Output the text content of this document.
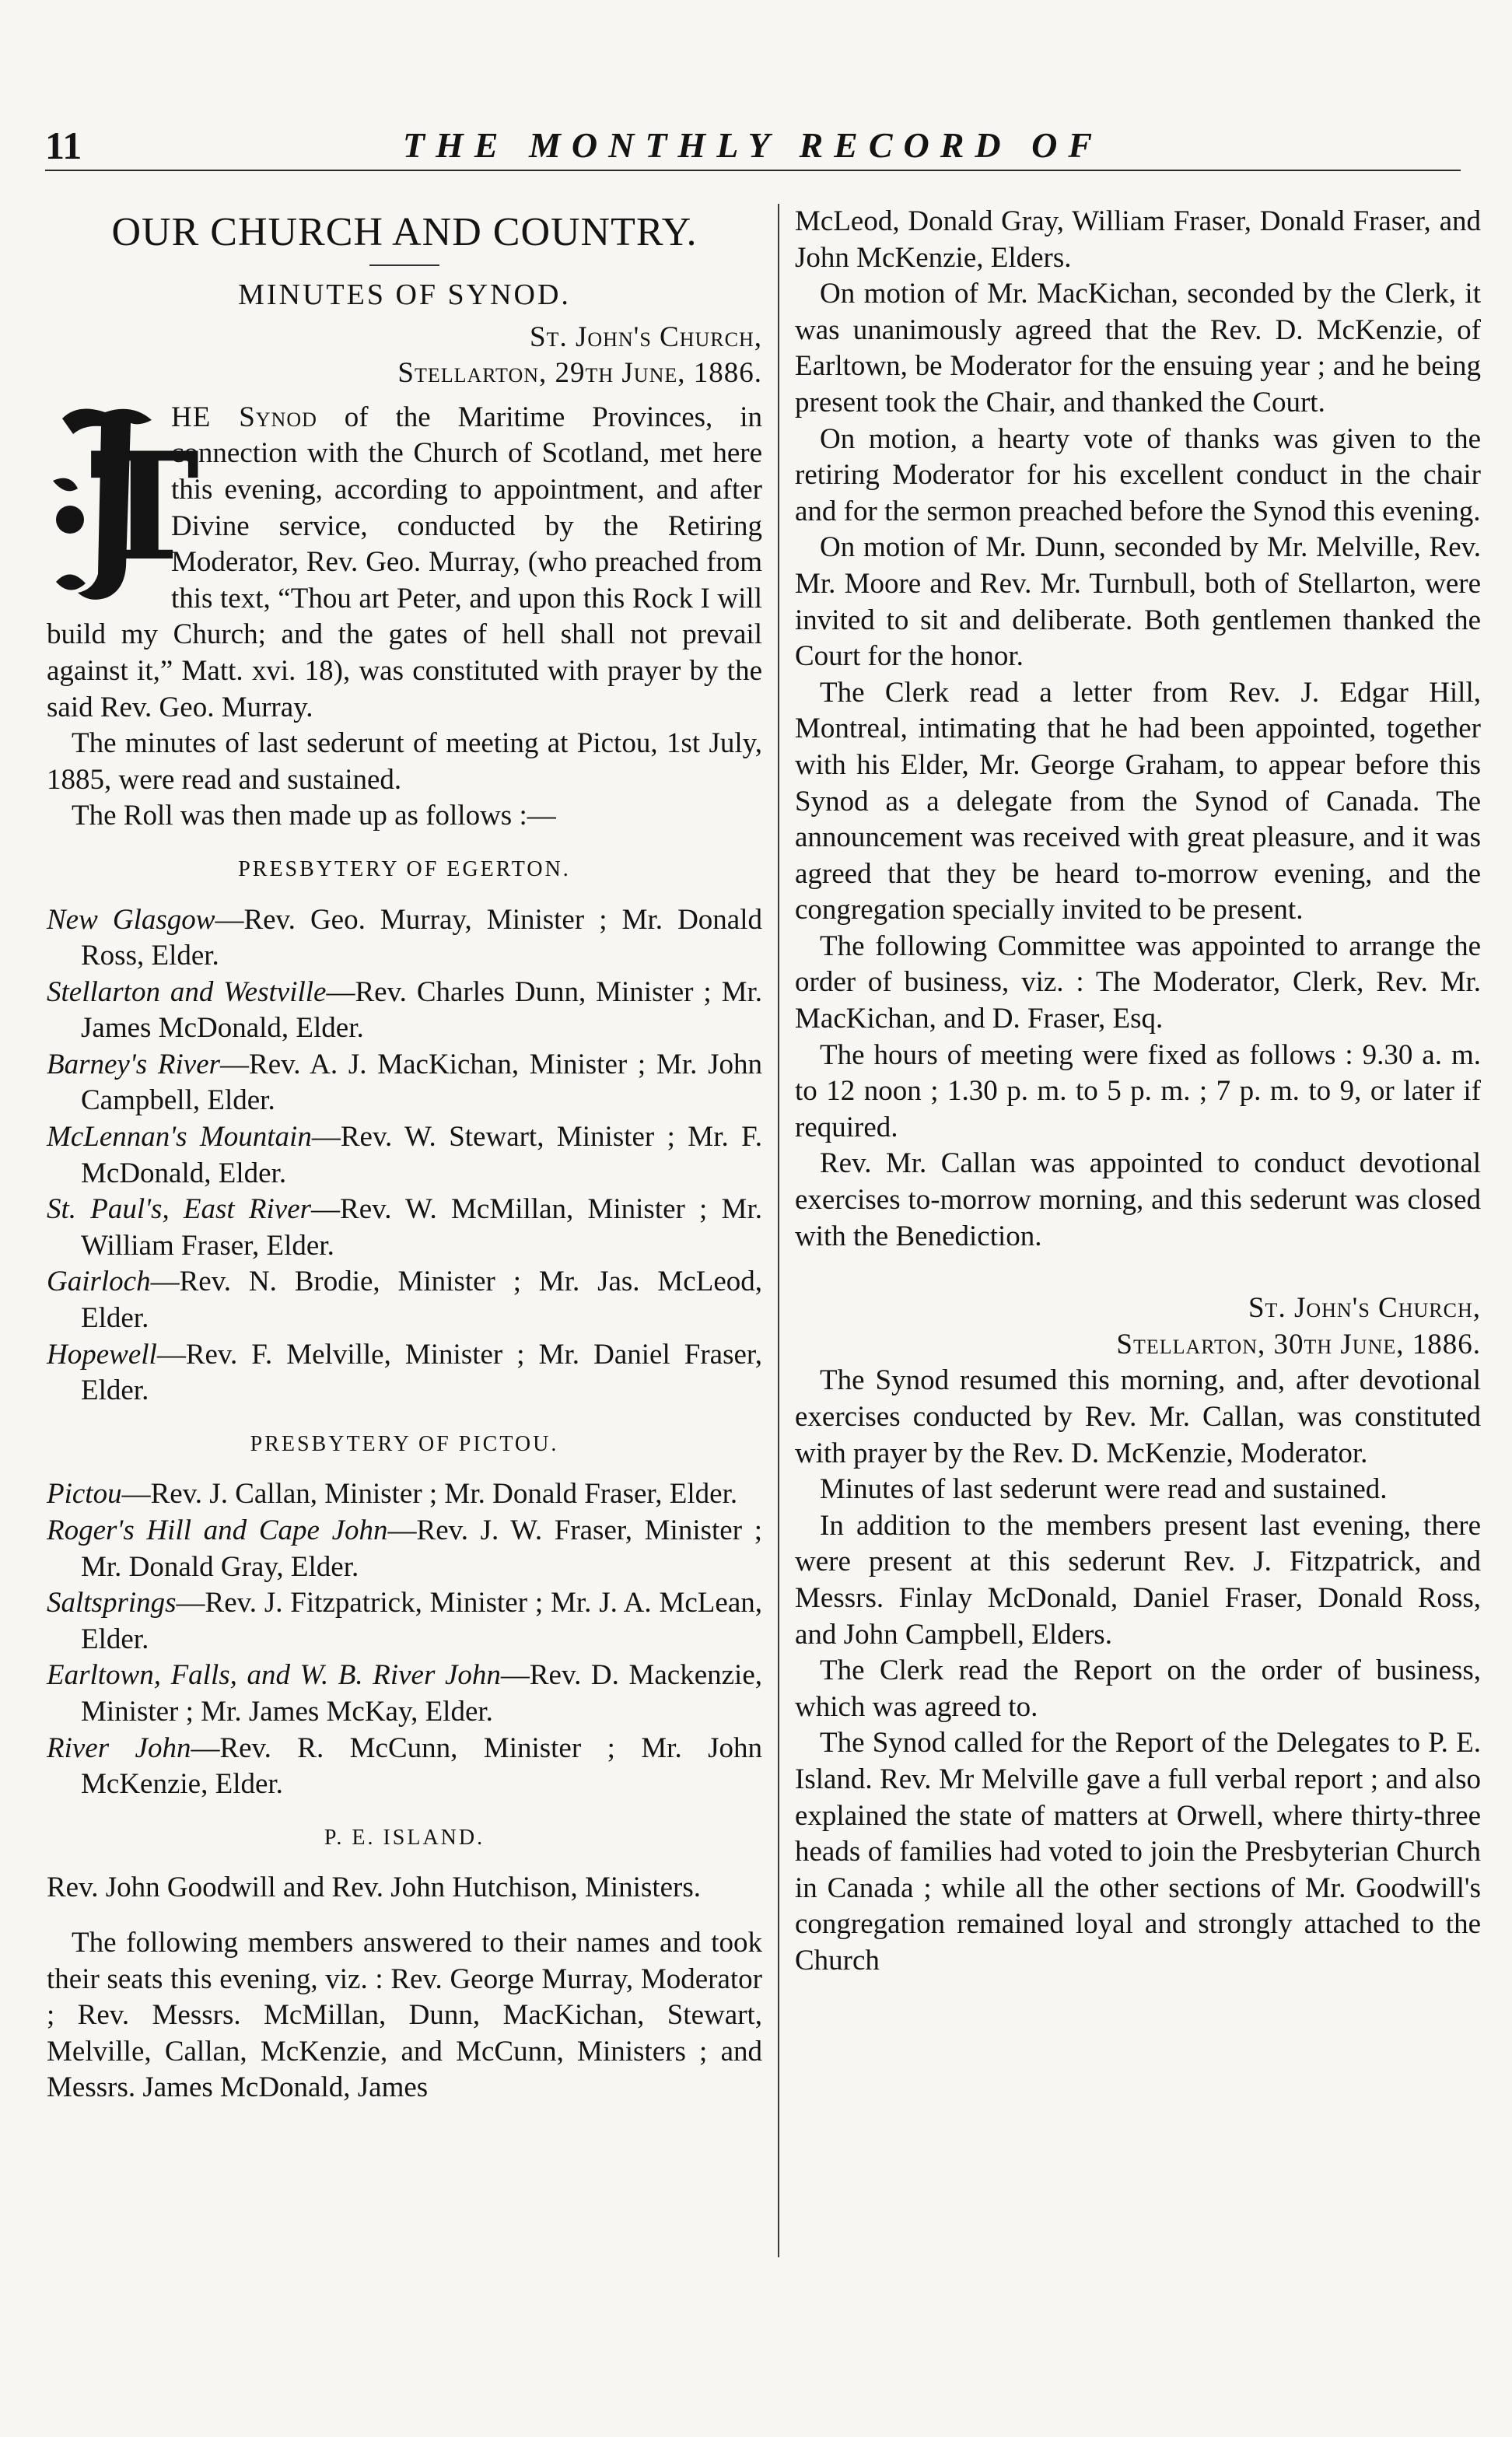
11	THE MONTHLY RECORD OF
OUR CHURCH AND COUNTRY.
MINUTES OF SYNOD.

St. John's Church,
Stellarton, 29th June, 1886.

T

HE Synod of the Maritime Provinces, in connection with the Church of Scotland, met here this evening, according to appointment, and after Divine service, conducted by the Retiring Moderator, Rev. Geo. Murray, (who preached from this text, “Thou art Peter, and upon this Rock I will build my Church; and the gates of hell shall not prevail against it,” Matt. xvi. 18), was constituted with prayer by the said Rev. Geo. Murray.

The minutes of last sederunt of meeting at Pictou, 1st July, 1885, were read and sustained.

The Roll was then made up as follows :—

PRESBYTERY OF EGERTON.

New Glasgow—Rev. Geo. Murray, Minister ; Mr. Donald Ross, Elder.

Stellarton and Westville—Rev. Charles Dunn, Minister ; Mr. James McDonald, Elder.

Barney's River—Rev. A. J. MacKichan, Minister ; Mr. John Campbell, Elder.

McLennan's Mountain—Rev. W. Stewart, Minister ; Mr. F. McDonald, Elder.

St. Paul's, East River—Rev. W. McMillan, Minister ; Mr. William Fraser, Elder.

Gairloch—Rev. N. Brodie, Minister ; Mr. Jas. McLeod, Elder.

Hopewell—Rev. F. Melville, Minister ; Mr. Daniel Fraser, Elder.

PRESBYTERY OF PICTOU.

Pictou—Rev. J. Callan, Minister ; Mr. Donald Fraser, Elder.

Roger's Hill and Cape John—Rev. J. W. Fraser, Minister ; Mr. Donald Gray, Elder.

Saltsprings—Rev. J. Fitzpatrick, Minister ; Mr. J. A. McLean, Elder.

Earltown, Falls, and W. B. River John—Rev. D. Mackenzie, Minister ; Mr. James McKay, Elder.

River John—Rev. R. McCunn, Minister ; Mr. John McKenzie, Elder.

P. E. ISLAND.

Rev. John Goodwill and Rev. John Hutchison, Ministers.

The following members answered to their names and took their seats this evening, viz. : Rev. George Murray, Moderator ; Rev. Messrs. McMillan, Dunn, MacKichan, Stewart, Melville, Callan, McKenzie, and McCunn, Ministers ; and Messrs. James McDonald, James

McLeod, Donald Gray, William Fraser, Donald Fraser, and John McKenzie, Elders.

On motion of Mr. MacKichan, seconded by the Clerk, it was unanimously agreed that the Rev. D. McKenzie, of Earltown, be Moderator for the ensuing year ; and he being present took the Chair, and thanked the Court.

On motion, a hearty vote of thanks was given to the retiring Moderator for his excellent conduct in the chair and for the sermon preached before the Synod this evening.

On motion of Mr. Dunn, seconded by Mr. Melville, Rev. Mr. Moore and Rev. Mr. Turnbull, both of Stellarton, were invited to sit and deliberate. Both gentlemen thanked the Court for the honor.

The Clerk read a letter from Rev. J. Edgar Hill, Montreal, intimating that he had been appointed, together with his Elder, Mr. George Graham, to appear before this Synod as a delegate from the Synod of Canada. The announcement was received with great pleasure, and it was agreed that they be heard to-morrow evening, and the congregation specially invited to be present.

The following Committee was appointed to arrange the order of business, viz. : The Moderator, Clerk, Rev. Mr. MacKichan, and D. Fraser, Esq.

The hours of meeting were fixed as follows : 9.30 a. m. to 12 noon ; 1.30 p. m. to 5 p. m. ; 7 p. m. to 9, or later if required.

Rev. Mr. Callan was appointed to conduct devotional exercises to-morrow morning, and this sederunt was closed with the Benediction.

St. John's Church,
Stellarton, 30th June, 1886.

The Synod resumed this morning, and, after devotional exercises conducted by Rev. Mr. Callan, was constituted with prayer by the Rev. D. McKenzie, Moderator.

Minutes of last sederunt were read and sustained.

In addition to the members present last evening, there were present at this sederunt Rev. J. Fitzpatrick, and Messrs. Finlay McDonald, Daniel Fraser, Donald Ross, and John Campbell, Elders.

The Clerk read the Report on the order of business, which was agreed to.

The Synod called for the Report of the Delegates to P. E. Island. Rev. Mr Melville gave a full verbal report ; and also explained the state of matters at Orwell, where thirty-three heads of families had voted to join the Presbyterian Church in Canada ; while all the other sections of Mr. Goodwill's congregation remained loyal and strongly attached to the Church
